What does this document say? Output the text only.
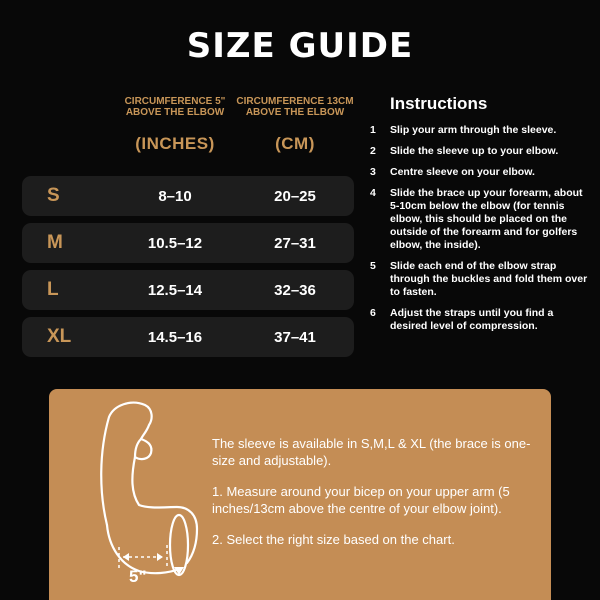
SIZE GUIDE
CIRCUMFERENCE 5" ABOVE THE ELBOW
(INCHES)
CIRCUMFERENCE 13CM ABOVE THE ELBOW
(CM)
S	8–10	20–25
M	10.5–12	27–31
L	12.5–14	32–36
XL	14.5–16	37–41
Instructions
1	Slip your arm through the sleeve.
2	Slide the sleeve up to your elbow.
3	Centre sleeve on your elbow.
4	Slide the brace up your forearm, about 5-10cm below the elbow (for tennis elbow, this should be placed on the outside of the forearm and for golfers elbow, the inside).
5	Slide each end of the elbow strap through the buckles and fold them over to fasten.
6	Adjust the straps until you find a desired level of compression.
5"

The sleeve is available in S,M,L & XL (the brace is one-size and adjustable).

1. Measure around your bicep on your upper arm (5 inches/13cm above the centre of your elbow joint).

2. Select the right size based on the chart.
